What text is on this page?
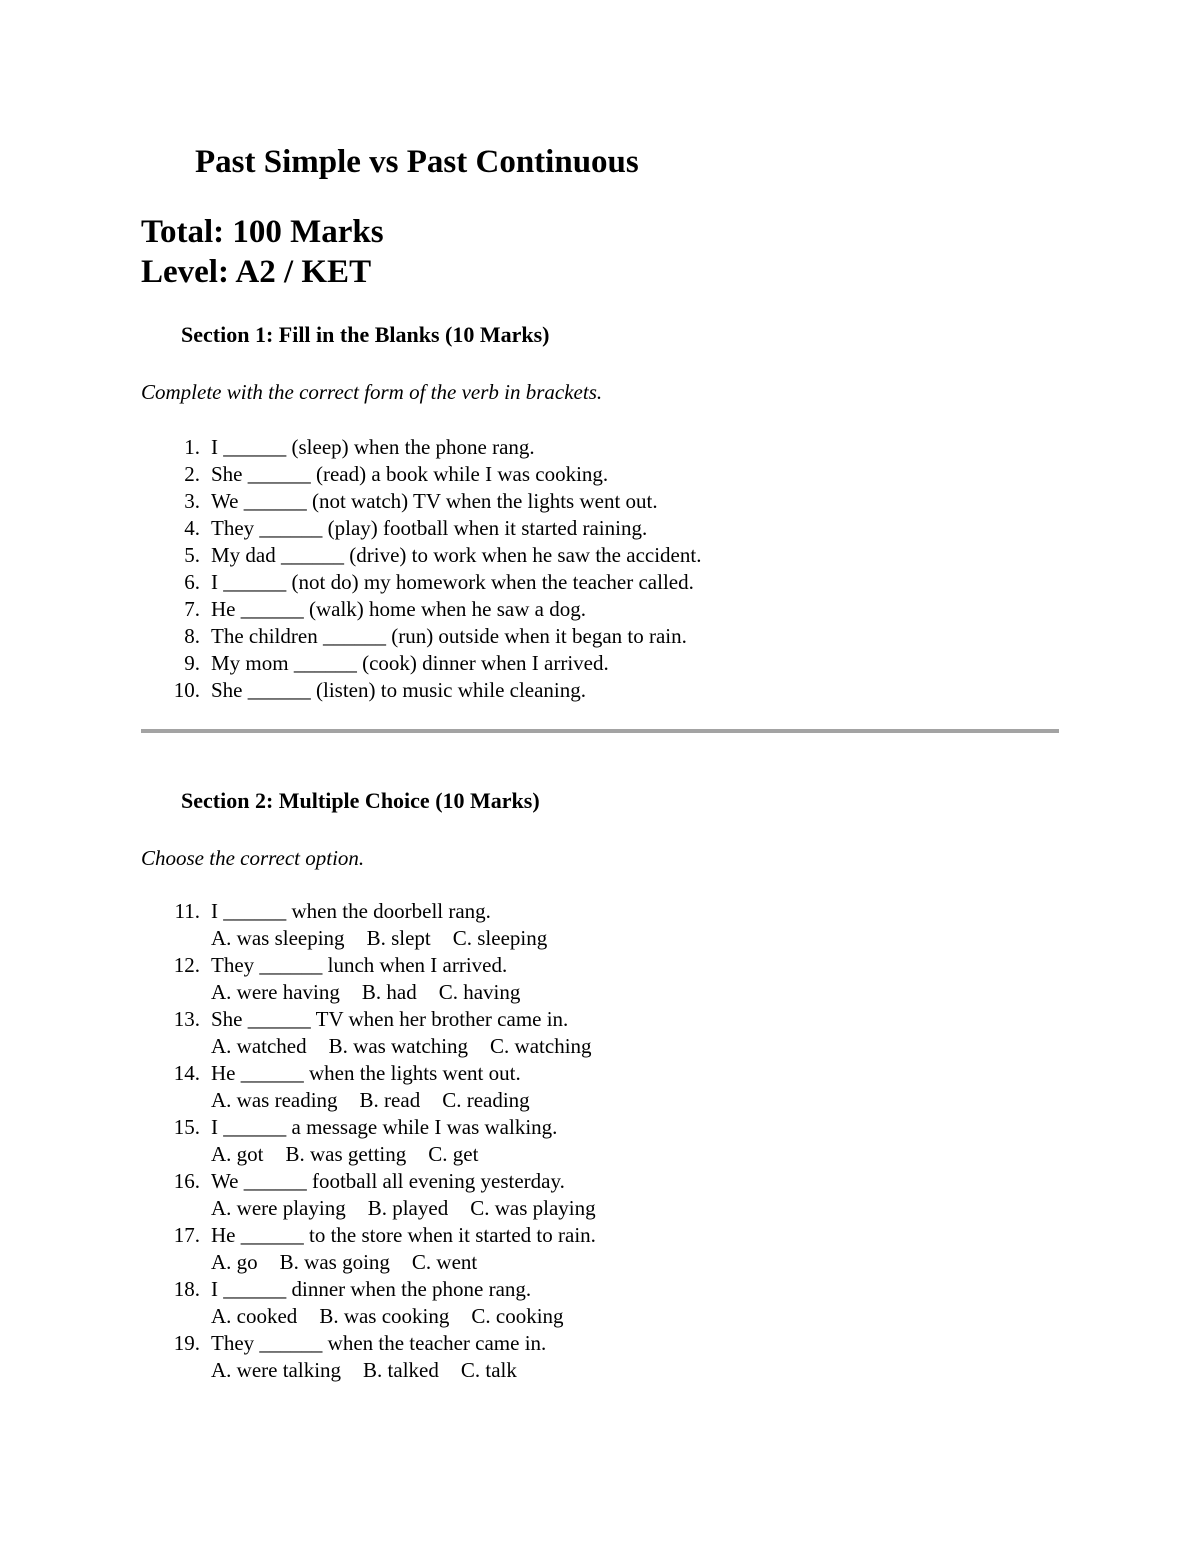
Past Simple vs Past Continuous
Total: 100 Marks
Level: A2 / KET
Section 1: Fill in the Blanks (10 Marks)
Complete with the correct form of the verb in brackets.
1. I ______ (sleep) when the phone rang.
2. She ______ (read) a book while I was cooking.
3. We ______ (not watch) TV when the lights went out.
4. They ______ (play) football when it started raining.
5. My dad ______ (drive) to work when he saw the accident.
6. I ______ (not do) my homework when the teacher called.
7. He ______ (walk) home when he saw a dog.
8. The children ______ (run) outside when it began to rain.
9. My mom ______ (cook) dinner when I arrived.
10. She ______ (listen) to music while cleaning.
Section 2: Multiple Choice (10 Marks)
Choose the correct option.
11. I ______ when the doorbell rang.
A. was sleeping B. slept C. sleeping
12. They ______ lunch when I arrived.
A. were having B. had C. having
13. She ______ TV when her brother came in.
A. watched B. was watching C. watching
14. He ______ when the lights went out.
A. was reading B. read C. reading
15. I ______ a message while I was walking.
A. got B. was getting C. get
16. We ______ football all evening yesterday.
A. were playing B. played C. was playing
17. He ______ to the store when it started to rain.
A. go B. was going C. went
18. I ______ dinner when the phone rang.
A. cooked B. was cooking C. cooking
19. They ______ when the teacher came in.
A. were talking B. talked C. talk
